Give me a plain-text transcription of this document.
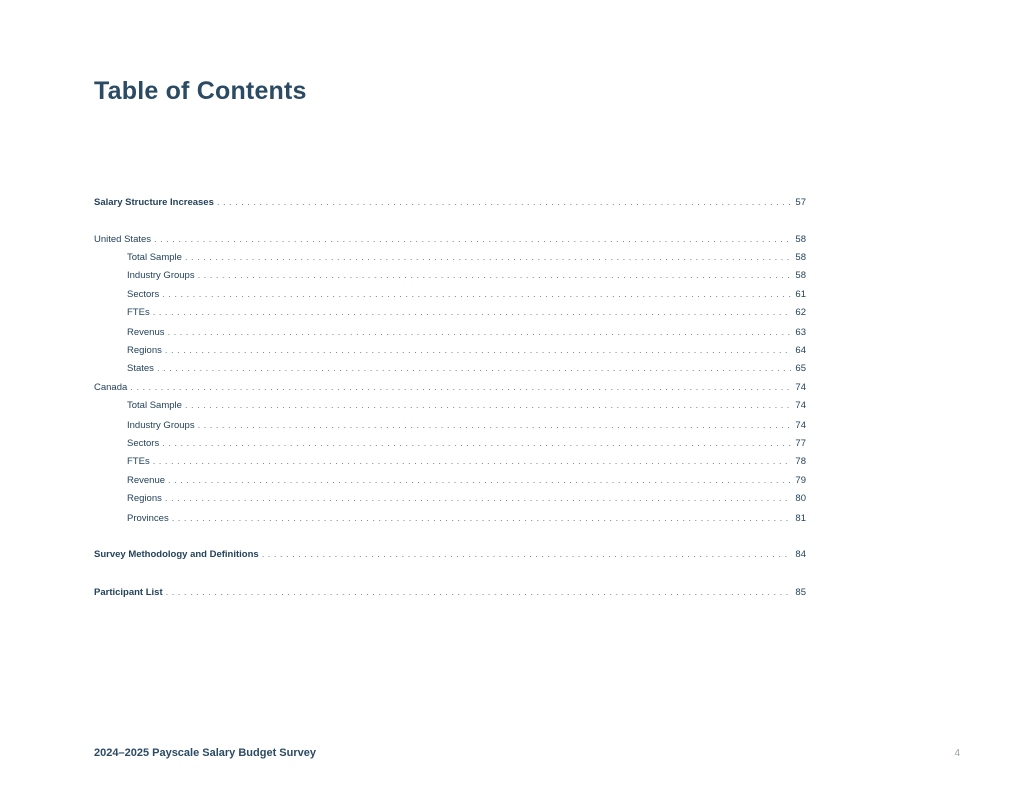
Table of Contents
Salary Structure Increases . . .	57
United States . . .	58
Total Sample . . .	58
Industry Groups . . .	58
Sectors . . .	61
FTEs . . .	62
Revenus . . .	63
Regions . . .	64
States . . .	65
Canada . . .	74
Total Sample . . .	74
Industry Groups . . .	74
Sectors . . .	77
FTEs . . .	78
Revenue . . .	79
Regions . . .	80
Provinces . . .	81
Survey Methodology and Definitions . . .	84
Participant List . . .	85
2024–2025 Payscale Salary Budget Survey	4
